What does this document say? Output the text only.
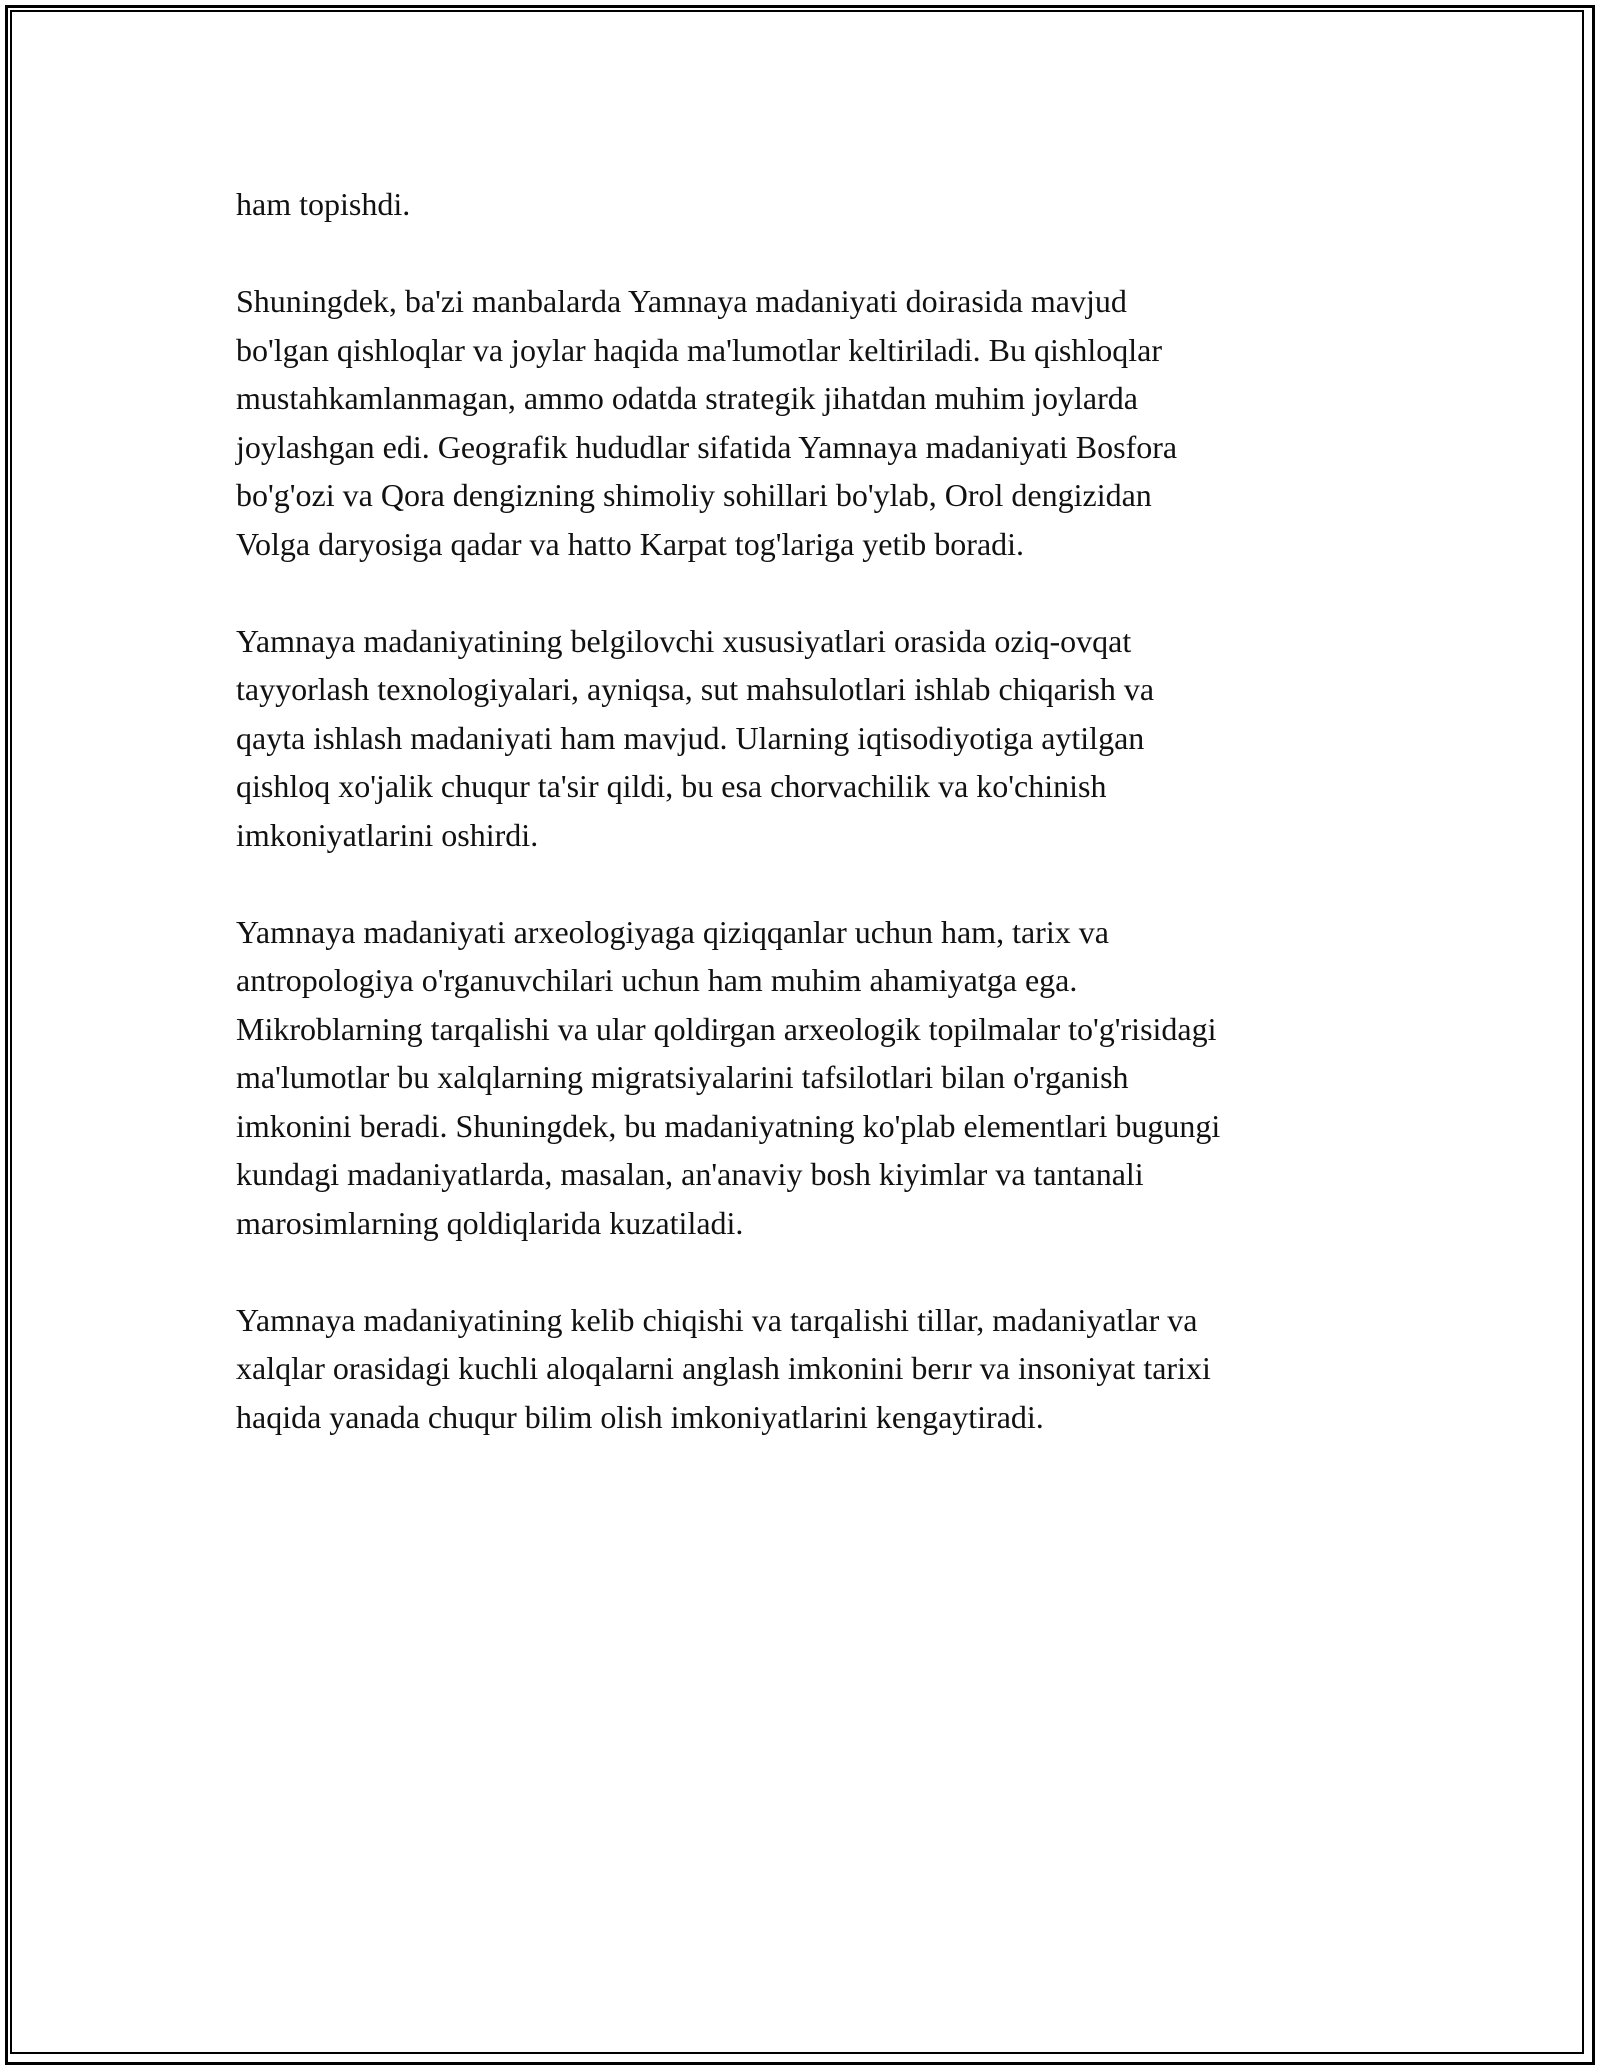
ham topishdi.

Shuningdek, ba'zi manbalarda Yamnaya madaniyati doirasida mavjud
bo'lgan qishloqlar va joylar haqida ma'lumotlar keltiriladi. Bu qishloqlar
mustahkamlanmagan, ammo odatda strategik jihatdan muhim joylarda
joylashgan edi. Geografik hududlar sifatida Yamnaya madaniyati Bosfora
bo'g'ozi va Qora dengizning shimoliy sohillari bo'ylab, Orol dengizidan
Volga daryosiga qadar va hatto Karpat tog'lariga yetib boradi.

Yamnaya madaniyatining belgilovchi xususiyatlari orasida oziq-ovqat
tayyorlash texnologiyalari, ayniqsa, sut mahsulotlari ishlab chiqarish va
qayta ishlash madaniyati ham mavjud. Ularning iqtisodiyotiga aytilgan
qishloq xo'jalik chuqur ta'sir qildi, bu esa chorvachilik va ko'chinish
imkoniyatlarini oshirdi.

Yamnaya madaniyati arxeologiyaga qiziqqanlar uchun ham, tarix va
antropologiya o'rganuvchilari uchun ham muhim ahamiyatga ega.
Mikroblarning tarqalishi va ular qoldirgan arxeologik topilmalar to'g'risidagi
ma'lumotlar bu xalqlarning migratsiyalarini tafsilotlari bilan o'rganish
imkonini beradi. Shuningdek, bu madaniyatning ko'plab elementlari bugungi
kundagi madaniyatlarda, masalan, an'anaviy bosh kiyimlar va tantanali
marosimlarning qoldiqlarida kuzatiladi.

Yamnaya madaniyatining kelib chiqishi va tarqalishi tillar, madaniyatlar va
xalqlar orasidagi kuchli aloqalarni anglash imkonini berır va insoniyat tarixi
haqida yanada chuqur bilim olish imkoniyatlarini kengaytiradi.
